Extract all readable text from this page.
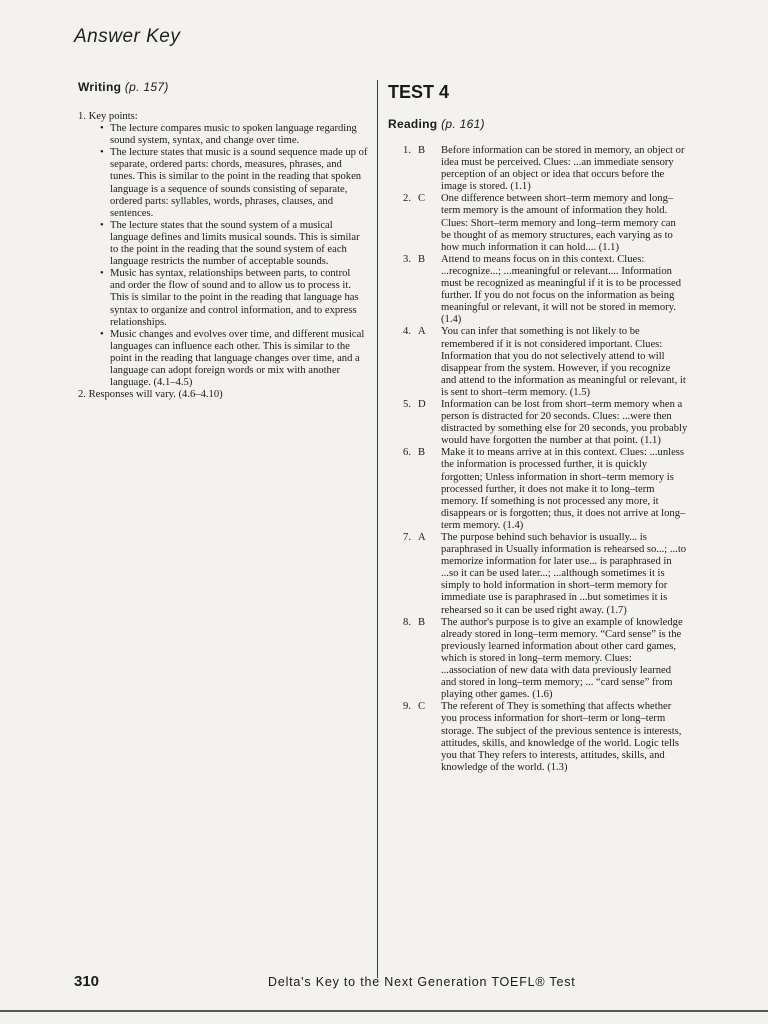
Answer Key
Writing (p. 157)
1. Key points:
• The lecture compares music to spoken language regarding sound system, syntax, and change over time.
• The lecture states that music is a sound sequence made up of separate, ordered parts: chords, measures, phrases, and tunes. This is similar to the point in the reading that spoken language is a sequence of sounds consisting of separate, ordered parts: syllables, words, phrases, clauses, and sentences.
• The lecture states that the sound system of a musical language defines and limits musical sounds. This is similar to the point in the reading that the sound system of each language restricts the number of acceptable sounds.
• Music has syntax, relationships between parts, to control and order the flow of sound and to allow us to process it. This is similar to the point in the reading that language has syntax to organize and control information, and to express relationships.
• Music changes and evolves over time, and different musical languages can influence each other. This is similar to the point in the reading that language changes over time, and a language can adopt foreign words or mix with another language. (4.1–4.5)
2. Responses will vary. (4.6–4.10)
TEST 4
Reading (p. 161)
1. B	Before information can be stored in memory, an object or idea must be perceived. Clues: ...an immediate sensory perception of an object or idea that occurs before the image is stored. (1.1)
2. C	One difference between short–term memory and long–term memory is the amount of information they hold. Clues: Short–term memory and long–term memory can be thought of as memory structures, each varying as to how much information it can hold.... (1.1)
3. B	Attend to means focus on in this context. Clues: ...recognize...; ...meaningful or relevant.... Information must be recognized as meaningful if it is to be processed further. If you do not focus on the information as being meaningful or relevant, it will not be stored in memory. (1.4)
4. A	You can infer that something is not likely to be remembered if it is not considered important. Clues: Information that you do not selectively attend to will disappear from the system. However, if you recognize and attend to the information as meaningful or relevant, it is sent to short–term memory. (1.5)
5. D	Information can be lost from short–term memory when a person is distracted for 20 seconds. Clues: ...were then distracted by something else for 20 seconds, you probably would have forgotten the number at that point. (1.1)
6. B	Make it to means arrive at in this context. Clues: ...unless the information is processed further, it is quickly forgotten; Unless information in short–term memory is processed further, it does not make it to long–term memory. If something is not processed any more, it disappears or is forgotten; thus, it does not arrive at long–term memory. (1.4)
7. A	The purpose behind such behavior is usually... is paraphrased in Usually information is rehearsed so...; ...to memorize information for later use... is paraphrased in ...so it can be used later...; ...although sometimes it is simply to hold information in short–term memory for immediate use is paraphrased in ...but sometimes it is rehearsed so it can be used right away. (1.7)
8. B	The author's purpose is to give an example of knowledge already stored in long–term memory. “Card sense” is the previously learned information about other card games, which is stored in long–term memory. Clues: ...association of new data with data previously learned and stored in long–term memory; ... “card sense” from playing other games. (1.6)
9. C	The referent of They is something that affects whether you process information for short–term or long–term storage. The subject of the previous sentence is interests, attitudes, skills, and knowledge of the world. Logic tells you that They refers to interests, attitudes, skills, and knowledge of the world. (1.3)
310	Delta's Key to the Next Generation TOEFL® Test
